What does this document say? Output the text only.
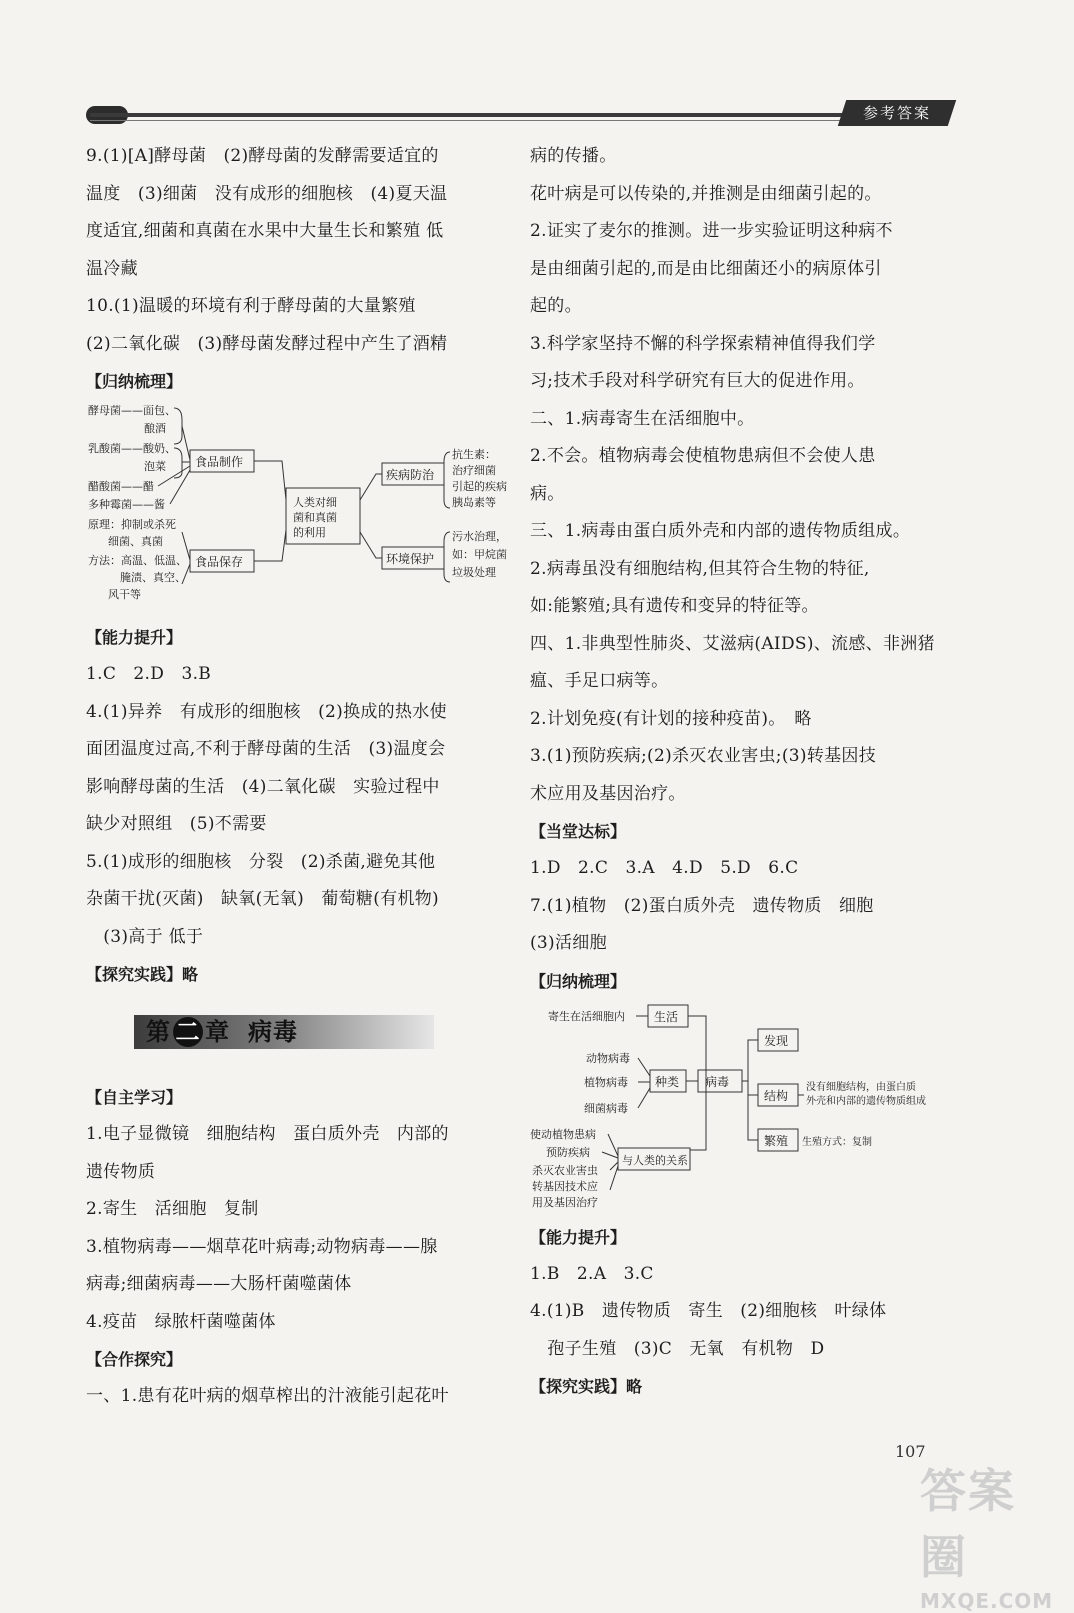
参考答案
9.(1)[A]酵母菌　(2)酵母菌的发酵需要适宜的
温度　(3)细菌　没有成形的细胞核　(4)夏天温
度适宜,细菌和真菌在水果中大量生长和繁殖 低
温冷藏
10.(1)温暖的环境有利于酵母菌的大量繁殖
(2)二氧化碳　(3)酵母菌发酵过程中产生了酒精
【归纳梳理】
酵母菌——面包、
酿酒
乳酸菌——酸奶、
泡菜
醋酸菌——醋
多种霉菌——酱
食品制作
原理：抑制或杀死
细菌、真菌
方法：高温、低温、
腌渍、真空、
风干等
食品保存
人类对细
菌和真菌
的利用
疾病防治
环境保护
抗生素：
治疗细菌
引起的疾病
胰岛素等
污水治理，
如：甲烷菌
垃圾处理
【能力提升】
1.C　2.D　3.B
4.(1)异养　有成形的细胞核　(2)换成的热水使
面团温度过高,不利于酵母菌的生活　(3)温度会
影响酵母菌的生活　(4)二氧化碳　实验过程中
缺少对照组　(5)不需要
5.(1)成形的细胞核　分裂　(2)杀菌,避免其他
杂菌干扰(灭菌)　缺氧(无氧)　葡萄糖(有机物)
　(3)高于 低于
【探究实践】略
第 二 章 病毒
【自主学习】
1.电子显微镜　细胞结构　蛋白质外壳　内部的
遗传物质
2.寄生　活细胞　复制
3.植物病毒——烟草花叶病毒;动物病毒——腺
病毒;细菌病毒——大肠杆菌噬菌体
4.疫苗　绿脓杆菌噬菌体
【合作探究】
一、1.患有花叶病的烟草榨出的汁液能引起花叶
病的传播。
花叶病是可以传染的,并推测是由细菌引起的。
2.证实了麦尔的推测。进一步实验证明这种病不
是由细菌引起的,而是由比细菌还小的病原体引
起的。
3.科学家坚持不懈的科学探索精神值得我们学
习;技术手段对科学研究有巨大的促进作用。
二、1.病毒寄生在活细胞中。
2.不会。植物病毒会使植物患病但不会使人患
病。
三、1.病毒由蛋白质外壳和内部的遗传物质组成。
2.病毒虽没有细胞结构,但其符合生物的特征,
如:能繁殖;具有遗传和变异的特征等。
四、1.非典型性肺炎、艾滋病(AIDS)、流感、非洲猪
瘟、手足口病等。
2.计划免疫(有计划的接种疫苗)。　略
3.(1)预防疾病;(2)杀灭农业害虫;(3)转基因技
术应用及基因治疗。
【当堂达标】
1.D　2.C　3.A　4.D　5.D　6.C
7.(1)植物　(2)蛋白质外壳　遗传物质　细胞
(3)活细胞
【归纳梳理】
寄生在活细胞内 生活
动物病毒
植物病毒
细菌病毒
种类 病毒
发现
结构
没有细胞结构，由蛋白质
外壳和内部的遗传物质组成
繁殖 生殖方式：复制
使动植物患病
预防疾病
杀灭农业害虫
转基因技术应
用及基因治疗
与人类的关系
【能力提升】
1.B　2.A　3.C
4.(1)B　遗传物质　寄生　(2)细胞核　叶绿体
　孢子生殖　(3)C　无氧　有机物　D
【探究实践】略
107
答案圈
MXQE.COM
